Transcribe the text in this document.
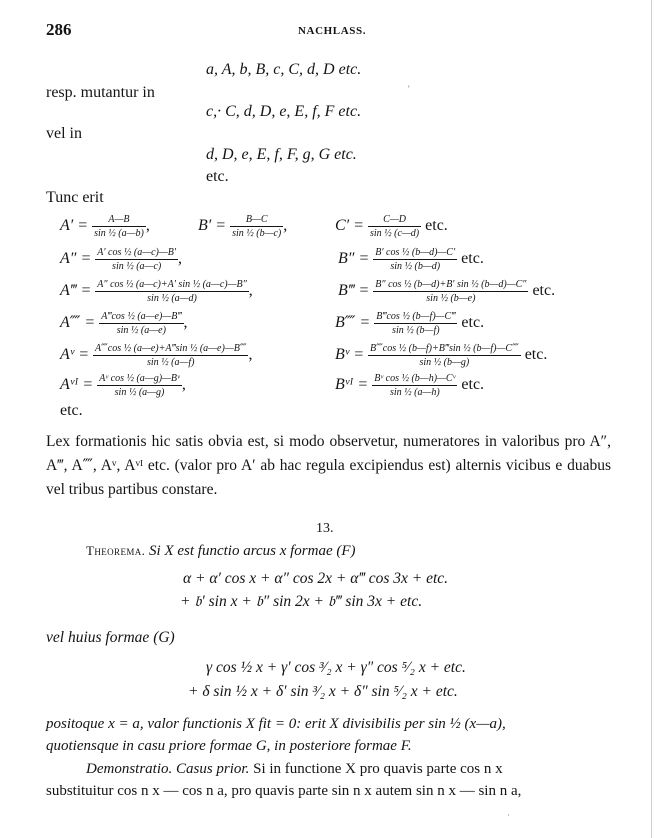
286	NACHLASS.
a, A, b, B, c, C, d, D etc.
resp. mutantur in
c,· C, d, D, e, E, f, F etc.
vel in
d, D, e, E, f, F, g, G etc.
etc.
Tunc erit
$A' = \frac{A—B}{\text{sin ½ (a—b)}}$ ,	$B' = \frac{B—C}{\text{sin ½ (b—c)}}$ ,	$C' = \frac{C—D}{\text{sin ½ (c—d)}}$ etc.
$A'' = \frac{\text{A′ cos ½ (a—c)—B′}}{\text{sin ½ (a—c)}}$ ,	$B'' = \frac{\text{B′ cos ½ (b—d)—C′}}{\text{sin ½ (b—d)}}$ etc.
A‴ = $\frac{\text{A″ cos ½ (a—c)+A′ sin ½ (a—c)—B″}}{\text{sin ½ (a—d)}}$ ,	B‴ = $\frac{\text{B″ cos ½ (b—d)+B′ sin ½ (b—d)—C″}}{\text{sin ½ (b—e)}}$ etc.
A⁗ = $\frac{\text{A‴cos ½ (a—e)—B‴}}{\text{sin ½ (a—e)}}$ ,	B⁗ = $\frac{\text{B‴cos ½ (b—f)—C‴}}{\text{sin ½ (b—f)}}$ etc.
Aᵛ = $\frac{\text{A⁗cos ½ (a—e)+A‴sin ½ (a—e)—B⁗}}{\text{sin ½ (a—f)}}$ ,	Bᵛ = $\frac{\text{B⁗cos ½ (b—f)+B‴sin ½ (b—f)—C⁗}}{\text{sin ½ (b—g)}}$ etc.
Aᵛᴵ = $\frac{\text{Aᵛ cos ½ (a—g)—Bᵛ}}{\text{sin ½ (a—g)}}$ ,	Bᵛᴵ = $\frac{\text{Bᵛ cos ½ (b—h)—Cᵛ}}{\text{sin ½ (a—h)}}$ etc.
etc.
Lex formationis hic satis obvia est, si modo observetur, numeratores in valoribus pro A″, A‴, A⁗, Aᵛ, Aᵛᴵ etc. (valor pro A′ ab hac regula excipiendus est) alternis vicibus e duabus vel tribus partibus constare.
13.
Theorema. Si X est functio arcus x formae (F)
α + α′ cos x + α″ cos 2x + α‴ cos 3x + etc.
+ 𝔟′ sin x + 𝔟″ sin 2x + 𝔟‴ sin 3x + etc.
vel huius formae (G)
γ cos ½ x + γ′ cos ³⁄₂ x + γ″ cos ⁵⁄₂ x + etc.
+ δ sin ½ x + δ′ sin ³⁄₂ x + δ″ sin ⁵⁄₂ x + etc.
positoque x = a, valor functionis X fit = 0: erit X divisibilis per sin ½ (x—a),
quotiensque in casu priore formae G, in posteriore formae F.
Demonstratio. Casus prior. Si in functione X pro quavis parte cos n x
substituitur cos n x — cos n a, pro quavis parte sin n x autem sin n x — sin n a,
'
·
